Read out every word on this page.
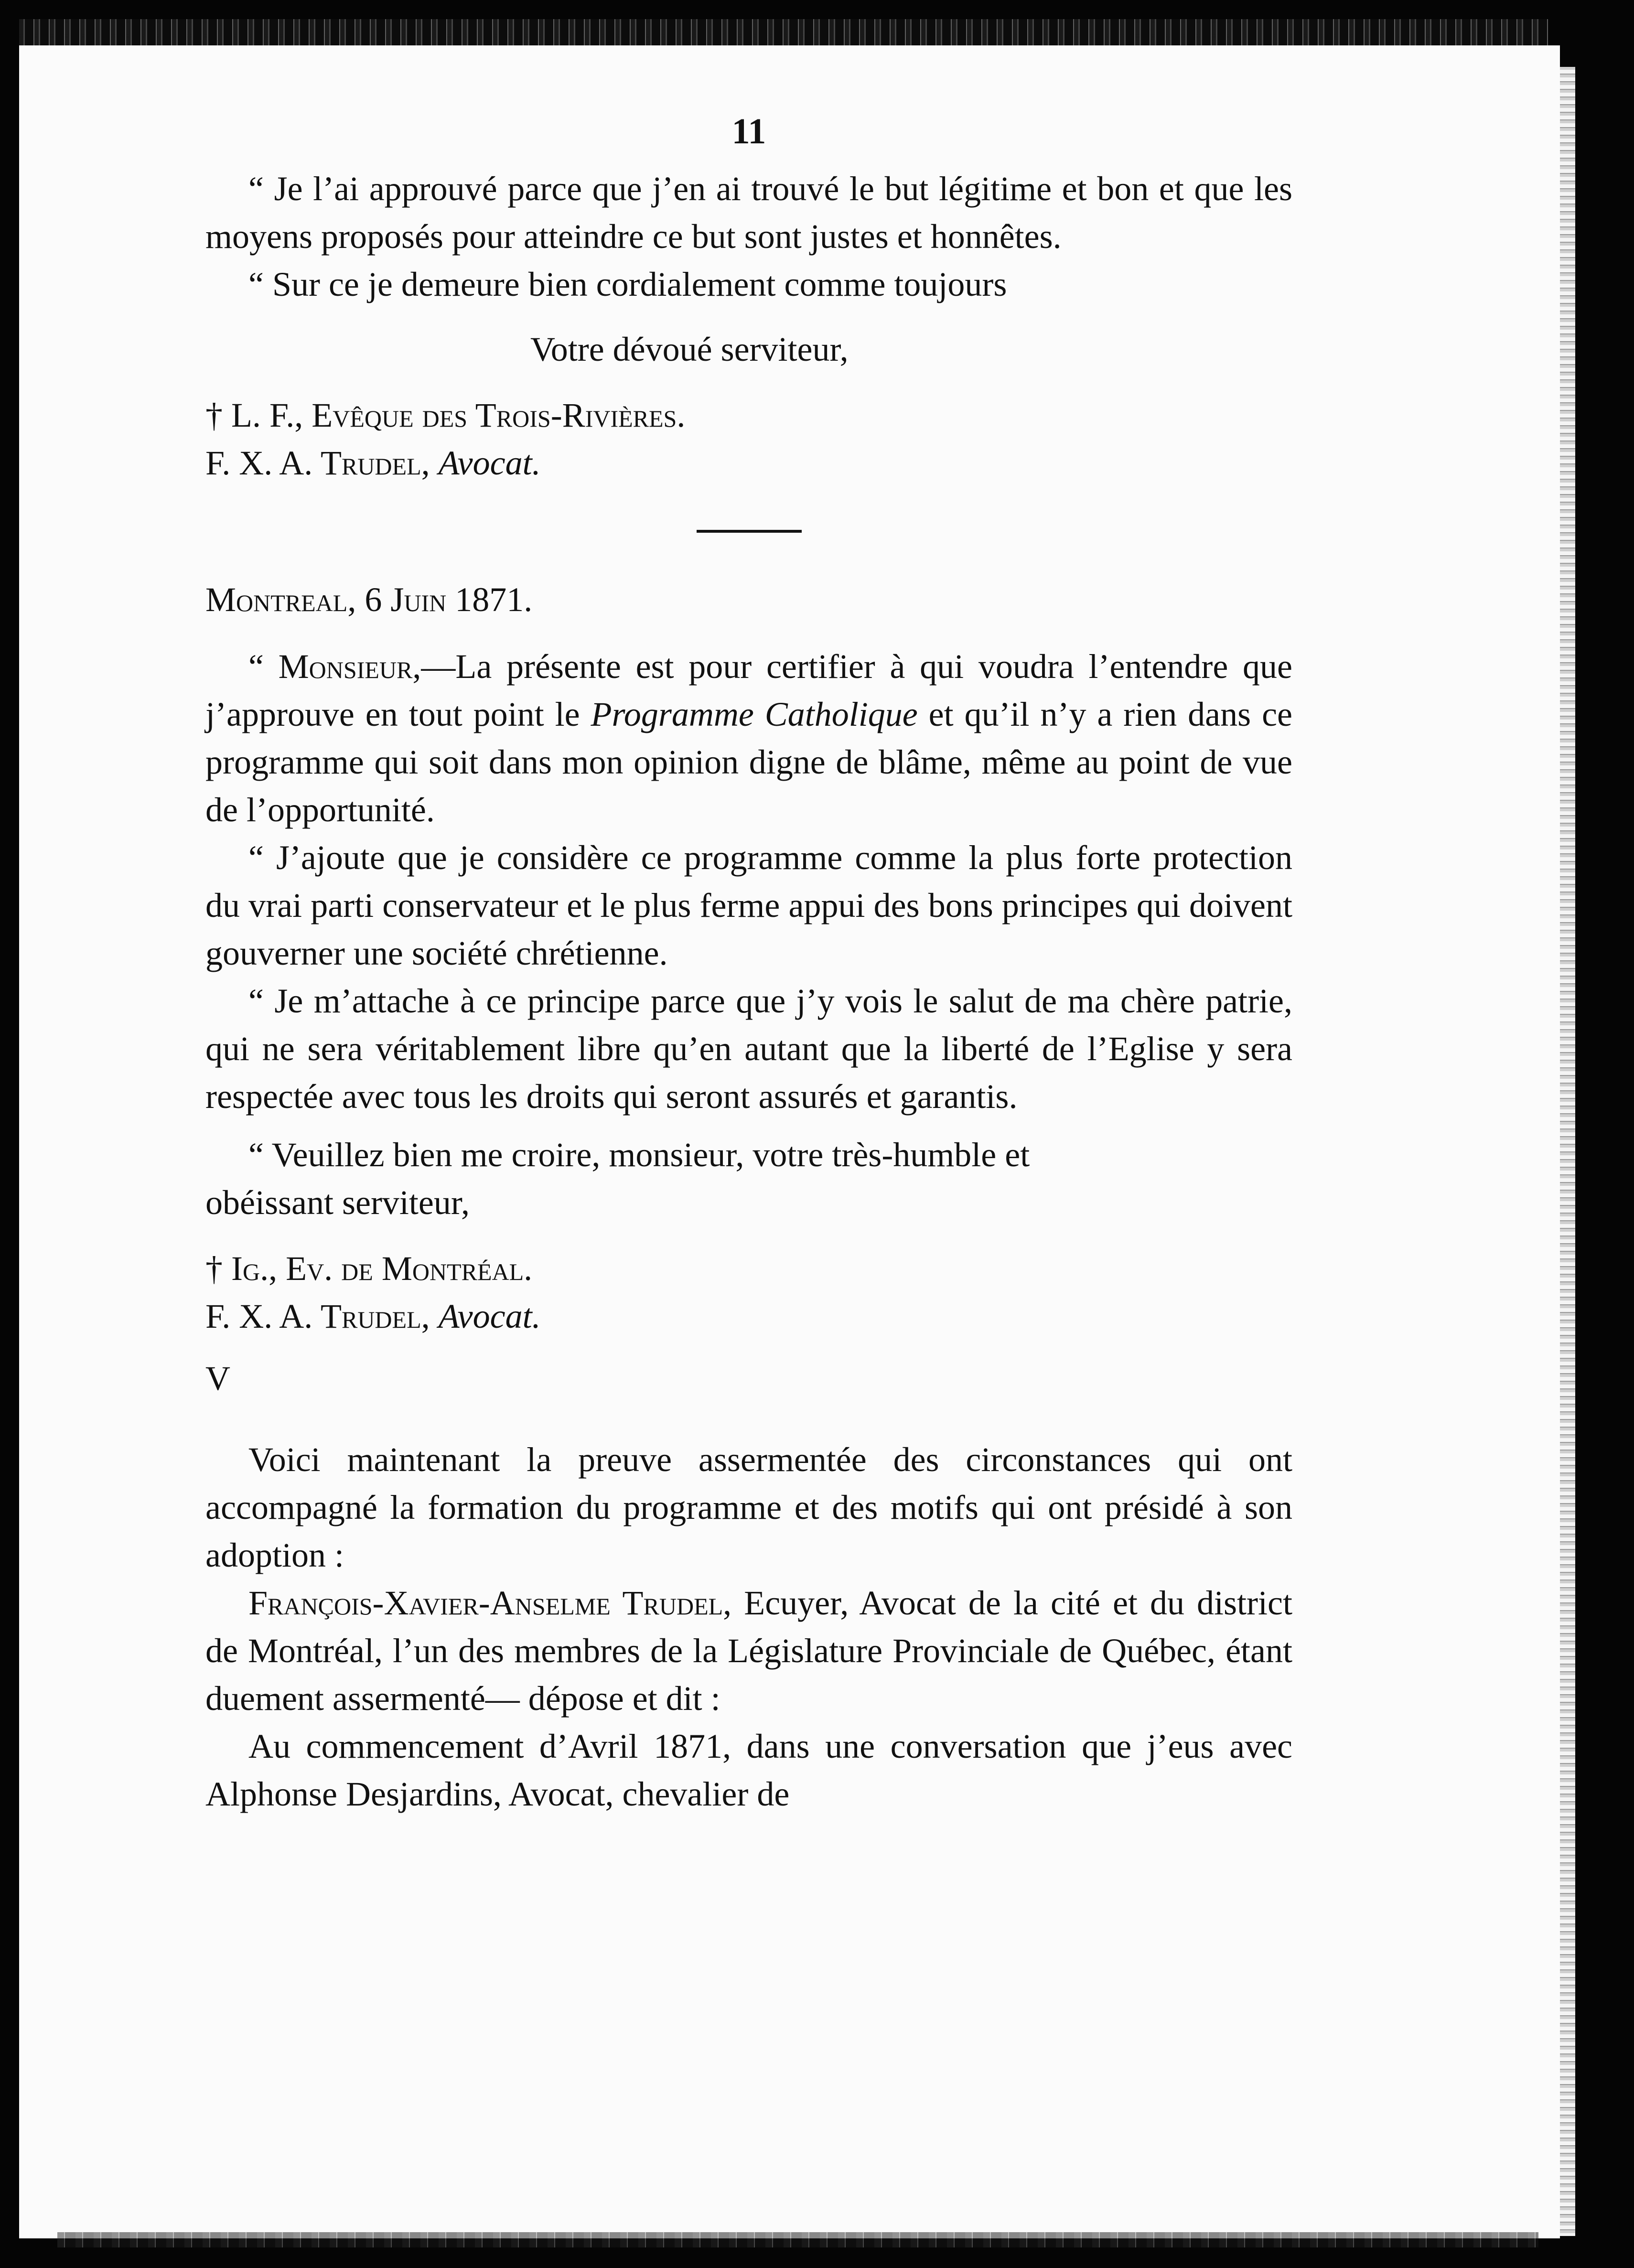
11

“ Je l’ai approuvé parce que j’en ai trouvé le but légitime et bon et que les moyens proposés pour atteindre ce but sont justes et honnêtes.

“ Sur ce je demeure bien cordialement comme toujours

Votre dévoué serviteur,

† L. F., Evêque des Trois-Rivières.

F. X. A. Trudel, Avocat.

Montreal, 6 Juin 1871.

“ Monsieur,—La présente est pour certifier à qui voudra l’entendre que j’approuve en tout point le Programme Catholique et qu’il n’y a rien dans ce programme qui soit dans mon opinion digne de blâme, même au point de vue de l’opportunité.

“ J’ajoute que je considère ce programme comme la plus forte protection du vrai parti conservateur et le plus ferme appui des bons principes qui doivent gouverner une société chrétienne.

“ Je m’attache à ce principe parce que j’y vois le salut de ma chère patrie, qui ne sera véritablement libre qu’en autant que la liberté de l’Eglise y sera respectée avec tous les droits qui seront assurés et garantis.

“ Veuillez bien me croire, monsieur, votre très-humble et

obéissant serviteur,

† Ig., Ev. de Montréal.

F. X. A. Trudel, Avocat.

V

Voici maintenant la preuve assermentée des circonstances qui ont accompagné la formation du programme et des motifs qui ont présidé à son adoption :

François-Xavier-Anselme Trudel, Ecuyer, Avocat de la cité et du district de Montréal, l’un des membres de la Législature Provinciale de Québec, étant duement assermenté— dépose et dit :

Au commencement d’Avril 1871, dans une conversation que j’eus avec Alphonse Desjardins, Avocat, chevalier de
